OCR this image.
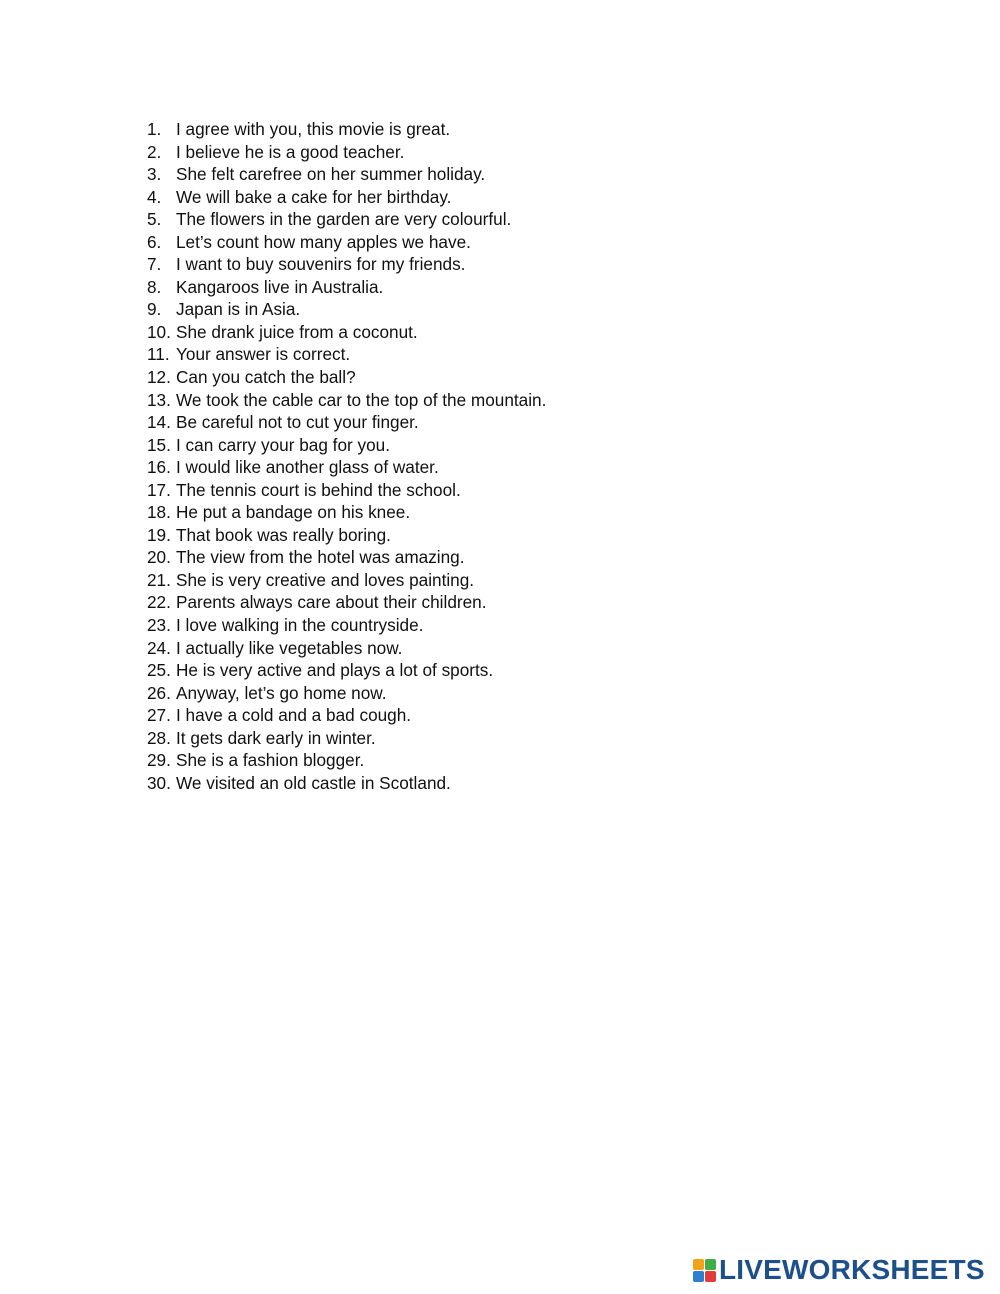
1. I agree with you, this movie is great.
2. I believe he is a good teacher.
3. She felt carefree on her summer holiday.
4. We will bake a cake for her birthday.
5. The flowers in the garden are very colourful.
6. Let’s count how many apples we have.
7. I want to buy souvenirs for my friends.
8. Kangaroos live in Australia.
9. Japan is in Asia.
10. She drank juice from a coconut.
11. Your answer is correct.
12. Can you catch the ball?
13. We took the cable car to the top of the mountain.
14. Be careful not to cut your finger.
15. I can carry your bag for you.
16. I would like another glass of water.
17. The tennis court is behind the school.
18. He put a bandage on his knee.
19. That book was really boring.
20. The view from the hotel was amazing.
21. She is very creative and loves painting.
22. Parents always care about their children.
23. I love walking in the countryside.
24. I actually like vegetables now.
25. He is very active and plays a lot of sports.
26. Anyway, let’s go home now.
27. I have a cold and a bad cough.
28. It gets dark early in winter.
29. She is a fashion blogger.
30. We visited an old castle in Scotland.
LIVEWORKSHEETS
